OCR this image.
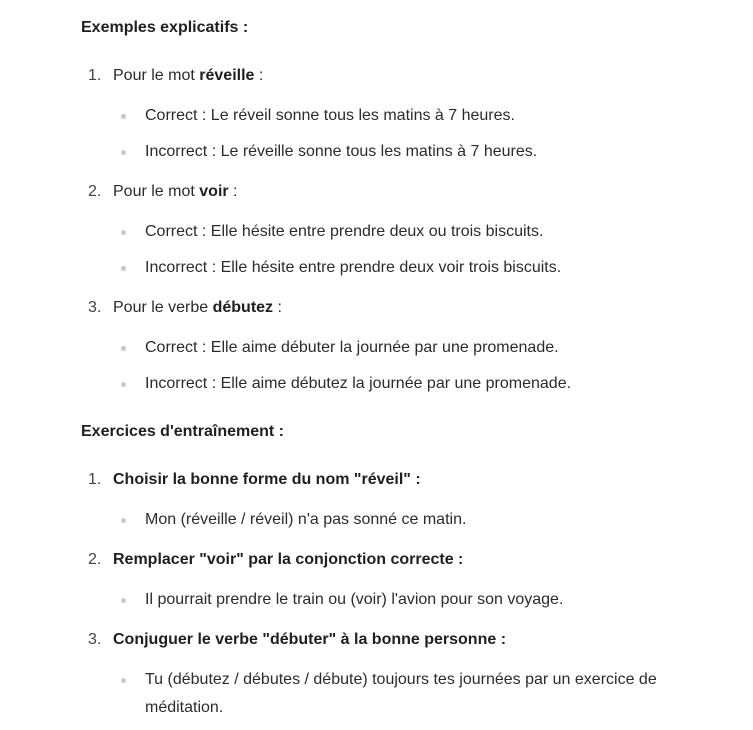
Exemples explicatifs :
1. Pour le mot réveille :
Correct : Le réveil sonne tous les matins à 7 heures.
Incorrect : Le réveille sonne tous les matins à 7 heures.
2. Pour le mot voir :
Correct : Elle hésite entre prendre deux ou trois biscuits.
Incorrect : Elle hésite entre prendre deux voir trois biscuits.
3. Pour le verbe débutez :
Correct : Elle aime débuter la journée par une promenade.
Incorrect : Elle aime débutez la journée par une promenade.
Exercices d'entraînement :
1. Choisir la bonne forme du nom "réveil" :
Mon (réveille / réveil) n'a pas sonné ce matin.
2. Remplacer "voir" par la conjonction correcte :
Il pourrait prendre le train ou (voir) l'avion pour son voyage.
3. Conjuguer le verbe "débuter" à la bonne personne :
Tu (débutez / débutes / débute) toujours tes journées par un exercice de méditation.
